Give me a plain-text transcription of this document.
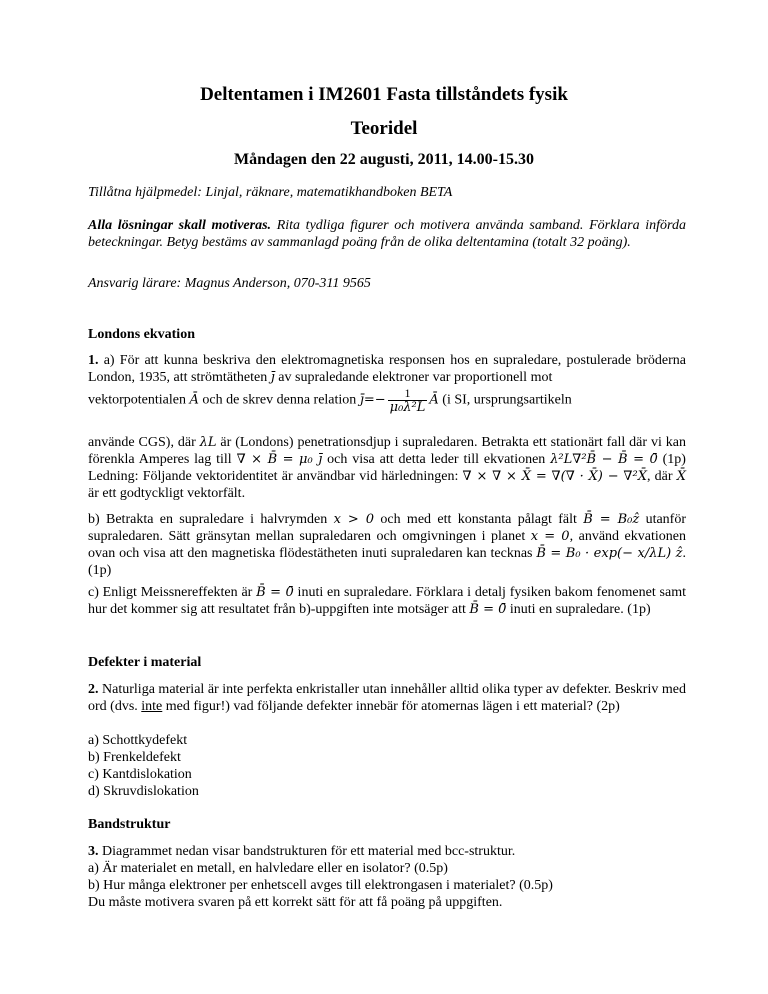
Deltentamen i IM2601 Fasta tillståndets fysik
Teoridel
Måndagen den 22 augusti, 2011, 14.00-15.30
Tillåtna hjälpmedel: Linjal, räknare, matematikhandboken BETA
Alla lösningar skall motiveras. Rita tydliga figurer och motivera använda samband. Förklara införda beteckningar. Betyg bestäms av sammanlagd poäng från de olika deltentamina (totalt 32 poäng).
Ansvarig lärare: Magnus Anderson, 070-311 9565
Londons ekvation
1. a) För att kunna beskriva den elektromagnetiska responsen hos en supraledare, postulerade bröderna London, 1935, att strömtätheten j̄ av supraledande elektroner var proportionell mot
vektorpotentialen Ā och de skrev denna relation j̄=− $\frac{1}{\text{μ₀λ²L}}$ Ā (i SI, ursprungsartikeln
använde CGS), där λL är (Londons) penetrationsdjup i supraledaren. Betrakta ett stationärt fall där vi kan förenkla Amperes lag till ∇ × B̄ = μ₀ j̄ och visa att detta leder till ekvationen λ²L∇²B̄ − B̄ = 0̄ (1p) Ledning: Följande vektoridentitet är användbar vid härledningen: ∇ × ∇ × X̄ = ∇(∇ · X̄) − ∇²X̄, där X̄ är ett godtyckligt vektorfält.
b) Betrakta en supraledare i halvrymden x > 0 och med ett konstanta pålagt fält B̄ = B₀ẑ utanför supraledaren. Sätt gränsytan mellan supraledaren och omgivningen i planet x = 0, använd ekvationen ovan och visa att den magnetiska flödestätheten inuti supraledaren kan tecknas B̄ = B₀ · exp(− x/λL) ẑ. (1p)
c) Enligt Meissnereffekten är B̄ = 0̄ inuti en supraledare. Förklara i detalj fysiken bakom fenomenet samt hur det kommer sig att resultatet från b)-uppgiften inte motsäger att B̄ = 0̄ inuti en supraledare. (1p)
Defekter i material
2. Naturliga material är inte perfekta enkristaller utan innehåller alltid olika typer av defekter. Beskriv med ord (dvs. inte med figur!) vad följande defekter innebär för atomernas lägen i ett material? (2p)
a) Schottkydefekt
b) Frenkeldefekt
c) Kantdislokation
d) Skruvdislokation
Bandstruktur
3. Diagrammet nedan visar bandstrukturen för ett material med bcc-struktur.
a) Är materialet en metall, en halvledare eller en isolator? (0.5p)
b) Hur många elektroner per enhetscell avges till elektrongasen i materialet? (0.5p)
Du måste motivera svaren på ett korrekt sätt för att få poäng på uppgiften.
